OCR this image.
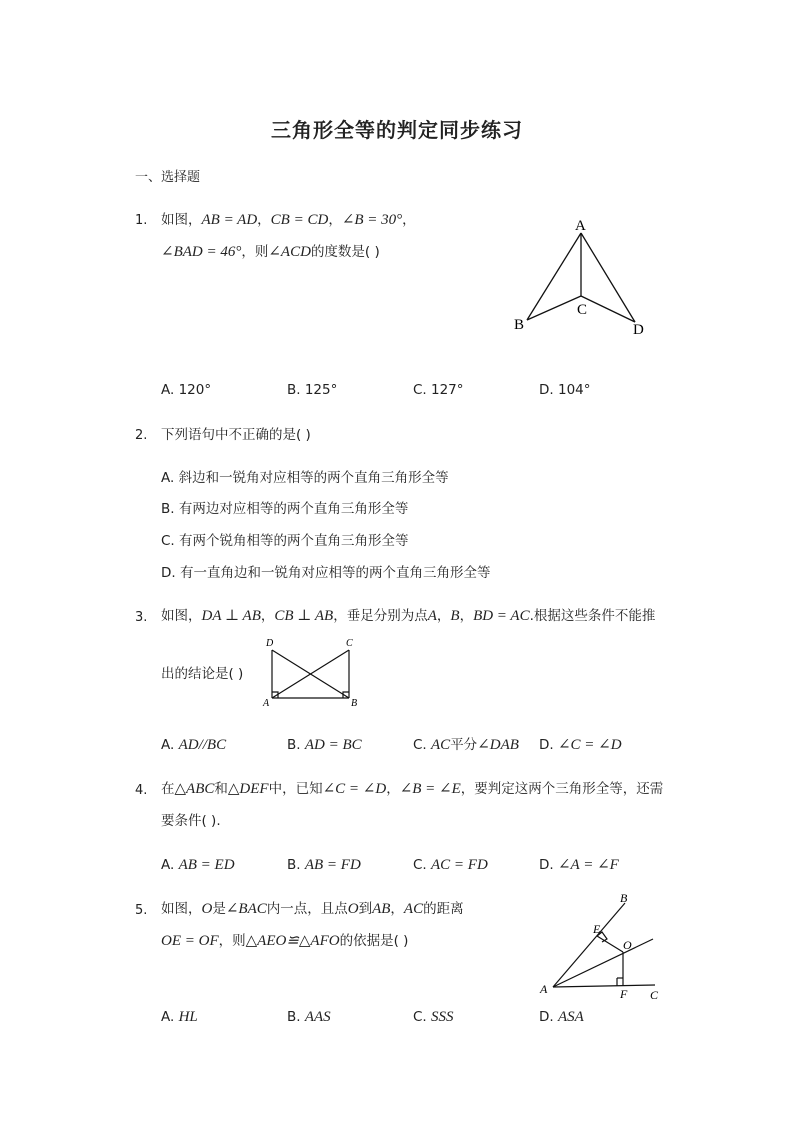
三角形全等的判定同步练习
一、选择题
1. 如图，AB = AD，CB = CD，∠B = 30°，
∠BAD = 46°，则∠ACD的度数是( )
A
B
C
D
A. 120°	B. 125°	C. 127°	D. 104°
2. 下列语句中不正确的是( )
A. 斜边和一锐角对应相等的两个直角三角形全等
B. 有两边对应相等的两个直角三角形全等
C. 有两个锐角相等的两个直角三角形全等
D. 有一直角边和一锐角对应相等的两个直角三角形全等
3. 如图，DA ⊥ AB，CB ⊥ AB，垂足分别为点A，B，BD = AC.根据这些条件不能推
出的结论是( )
D	C
A	B
A. AD//BC	B. AD = BC	C. AC平分∠DAB D. ∠C = ∠D
4. 在△ABC和△DEF中，已知∠C = ∠D，∠B = ∠E，要判定这两个三角形全等，还需
要条件( ).
A. AB = ED	B. AB = FD	C. AC = FD	D. ∠A = ∠F
5. 如图，O是∠BAC内一点，且点O到AB，AC的距离
OE = OF，则△AEO≌△AFO的依据是( )
B
E
O
A	F C
A. HL	B. AAS	C. SSS	D. ASA
